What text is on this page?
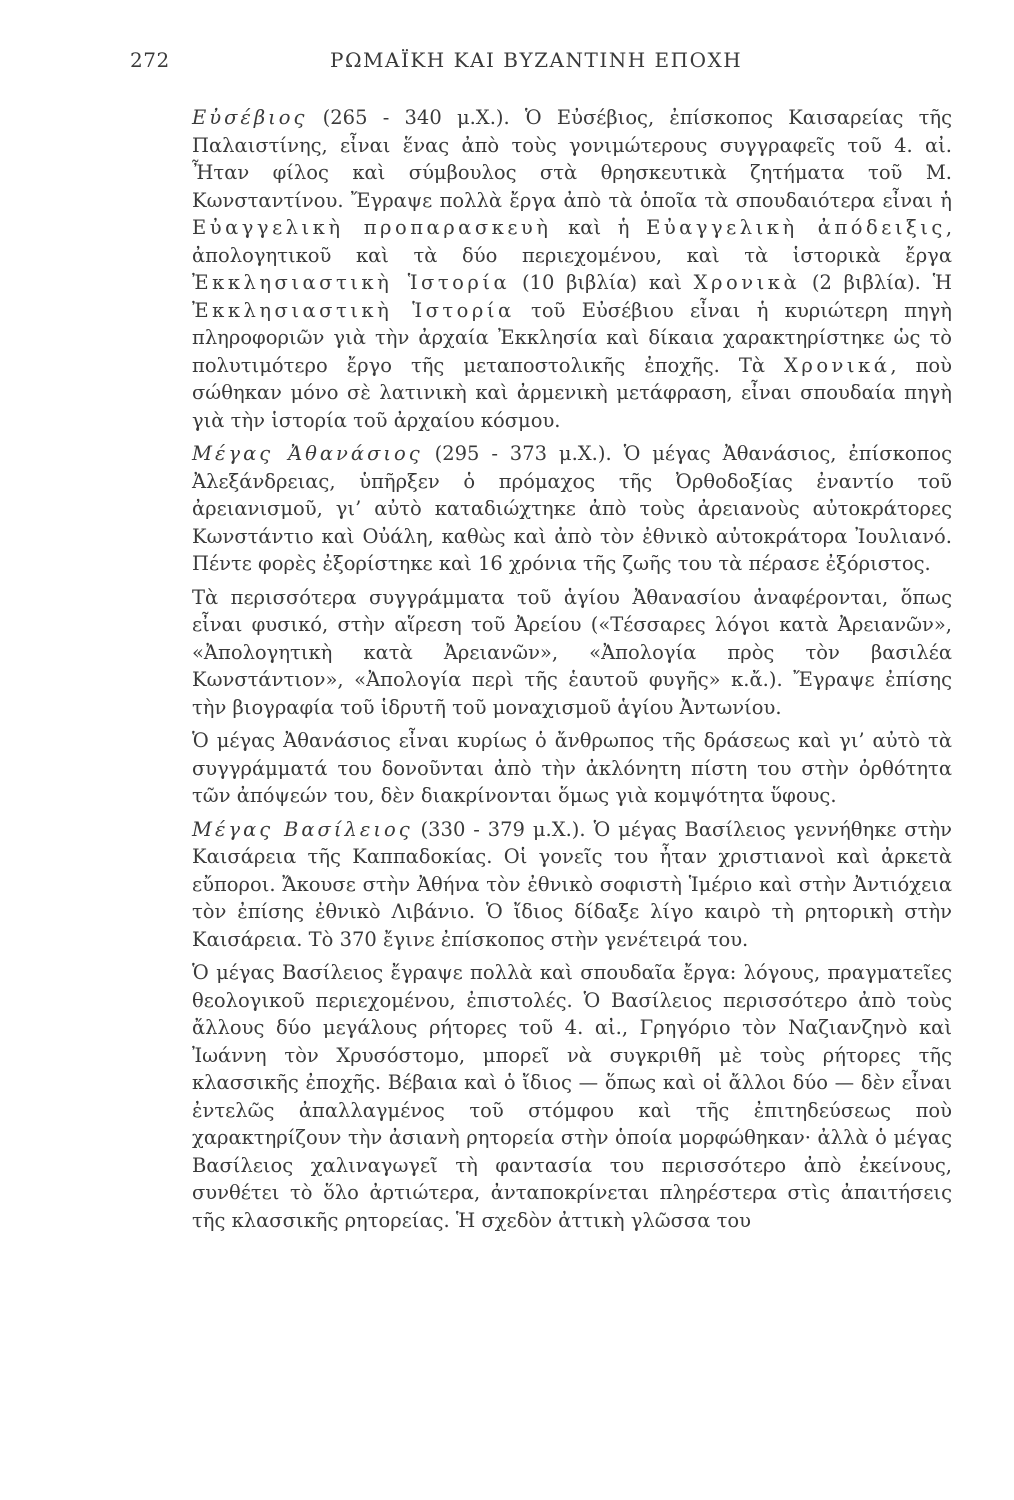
272	ΡΩΜΑΪΚΗ ΚΑΙ ΒΥΖΑΝΤΙΝΗ ΕΠΟΧΗ

Εὐσέβιος (265 - 340 μ.Χ.). Ὁ Εὐσέβιος, ἐπίσκοπος Καισαρείας τῆς Παλαιστίνης, εἶναι ἕνας ἀπὸ τοὺς γονιμώτερους συγγραφεῖς τοῦ 4. αἰ. Ἦταν φίλος καὶ σύμβουλος στὰ θρησκευτικὰ ζητήματα τοῦ Μ. Κωνσταντίνου. Ἔγραψε πολλὰ ἔργα ἀπὸ τὰ ὁποῖα τὰ σπουδαιότερα εἶναι ἡ Εὐαγγελικὴ προπαρασκευὴ καὶ ἡ Εὐαγγελικὴ ἀπόδειξις, ἀπολογητικοῦ καὶ τὰ δύο περιεχομένου, καὶ τὰ ἱστορικὰ ἔργα Ἐκκλησιαστικὴ Ἱστορία (10 βιβλία) καὶ Χρονικὰ (2 βιβλία). Ἡ Ἐκκλησιαστικὴ Ἱστορία τοῦ Εὐσέβιου εἶναι ἡ κυριώτερη πηγὴ πληροφοριῶν γιὰ τὴν ἀρχαία Ἐκκλησία καὶ δίκαια χαρακτηρίστηκε ὡς τὸ πολυτιμότερο ἔργο τῆς μεταποστολικῆς ἐποχῆς. Τὰ Χρονικά, ποὺ σώθηκαν μόνο σὲ λατινικὴ καὶ ἀρμενικὴ μετάφραση, εἶναι σπουδαία πηγὴ γιὰ τὴν ἱστορία τοῦ ἀρχαίου κόσμου.

Μέγας Ἀθανάσιος (295 - 373 μ.Χ.). Ὁ μέγας Ἀθανάσιος, ἐπίσκοπος Ἀλεξάνδρειας, ὑπῆρξεν ὁ πρόμαχος τῆς Ὀρθοδοξίας ἐναντίο τοῦ ἀρειανισμοῦ, γι’ αὐτὸ καταδιώχτηκε ἀπὸ τοὺς ἀρειανοὺς αὐτοκράτορες Κωνστάντιο καὶ Οὐάλη, καθὼς καὶ ἀπὸ τὸν ἐθνικὸ αὐτοκράτορα Ἰουλιανό. Πέντε φορὲς ἐξορίστηκε καὶ 16 χρόνια τῆς ζωῆς του τὰ πέρασε ἐξόριστος.

Τὰ περισσότερα συγγράμματα τοῦ ἁγίου Ἀθανασίου ἀναφέρονται, ὅπως εἶναι φυσικό, στὴν αἵρεση τοῦ Ἀρείου («Τέσσαρες λόγοι κατὰ Ἀρειανῶν», «Ἀπολογητικὴ κατὰ Ἀρειανῶν», «Ἀπολογία πρὸς τὸν βασιλέα Κωνστάντιον», «Ἀπολογία περὶ τῆς ἑαυτοῦ φυγῆς» κ.ἄ.). Ἔγραψε ἐπίσης τὴν βιογραφία τοῦ ἱδρυτῆ τοῦ μοναχισμοῦ ἁγίου Ἀντωνίου.

Ὁ μέγας Ἀθανάσιος εἶναι κυρίως ὁ ἄνθρωπος τῆς δράσεως καὶ γι’ αὐτὸ τὰ συγγράμματά του δονοῦνται ἀπὸ τὴν ἀκλόνητη πίστη του στὴν ὀρθότητα τῶν ἀπόψεών του, δὲν διακρίνονται ὅμως γιὰ κομψότητα ὕφους.

Μέγας Βασίλειος (330 - 379 μ.Χ.). Ὁ μέγας Βασίλειος γεννήθηκε στὴν Καισάρεια τῆς Καππαδοκίας. Οἱ γονεῖς του ἦταν χριστιανοὶ καὶ ἀρκετὰ εὔποροι. Ἄκουσε στὴν Ἀθήνα τὸν ἐθνικὸ σοφιστὴ Ἱμέριο καὶ στὴν Ἀντιόχεια τὸν ἐπίσης ἐθνικὸ Λιβάνιο. Ὁ ἴδιος δίδαξε λίγο καιρὸ τὴ ρητορικὴ στὴν Καισάρεια. Τὸ 370 ἔγινε ἐπίσκοπος στὴν γενέτειρά του.

Ὁ μέγας Βασίλειος ἔγραψε πολλὰ καὶ σπουδαῖα ἔργα: λόγους, πραγματεῖες θεολογικοῦ περιεχομένου, ἐπιστολές. Ὁ Βασίλειος περισσότερο ἀπὸ τοὺς ἄλλους δύο μεγάλους ρήτορες τοῦ 4. αἰ., Γρηγόριο τὸν Ναζιανζηνὸ καὶ Ἰωάννη τὸν Χρυσόστομο, μπορεῖ νὰ συγκριθῆ μὲ τοὺς ρήτορες τῆς κλασσικῆς ἐποχῆς. Βέβαια καὶ ὁ ἴδιος — ὅπως καὶ οἱ ἄλλοι δύο — δὲν εἶναι ἐντελῶς ἀπαλλαγμένος τοῦ στόμφου καὶ τῆς ἐπιτηδεύσεως ποὺ χαρακτηρίζουν τὴν ἀσιανὴ ρητορεία στὴν ὁποία μορφώθηκαν· ἀλλὰ ὁ μέγας Βασίλειος χαλιναγωγεῖ τὴ φαντασία του περισσότερο ἀπὸ ἐκείνους, συνθέτει τὸ ὅλο ἀρτιώτερα, ἀνταποκρίνεται πληρέστερα στὶς ἀπαιτήσεις τῆς κλασσικῆς ρητορείας. Ἡ σχεδὸν ἀττικὴ γλῶσσα του
